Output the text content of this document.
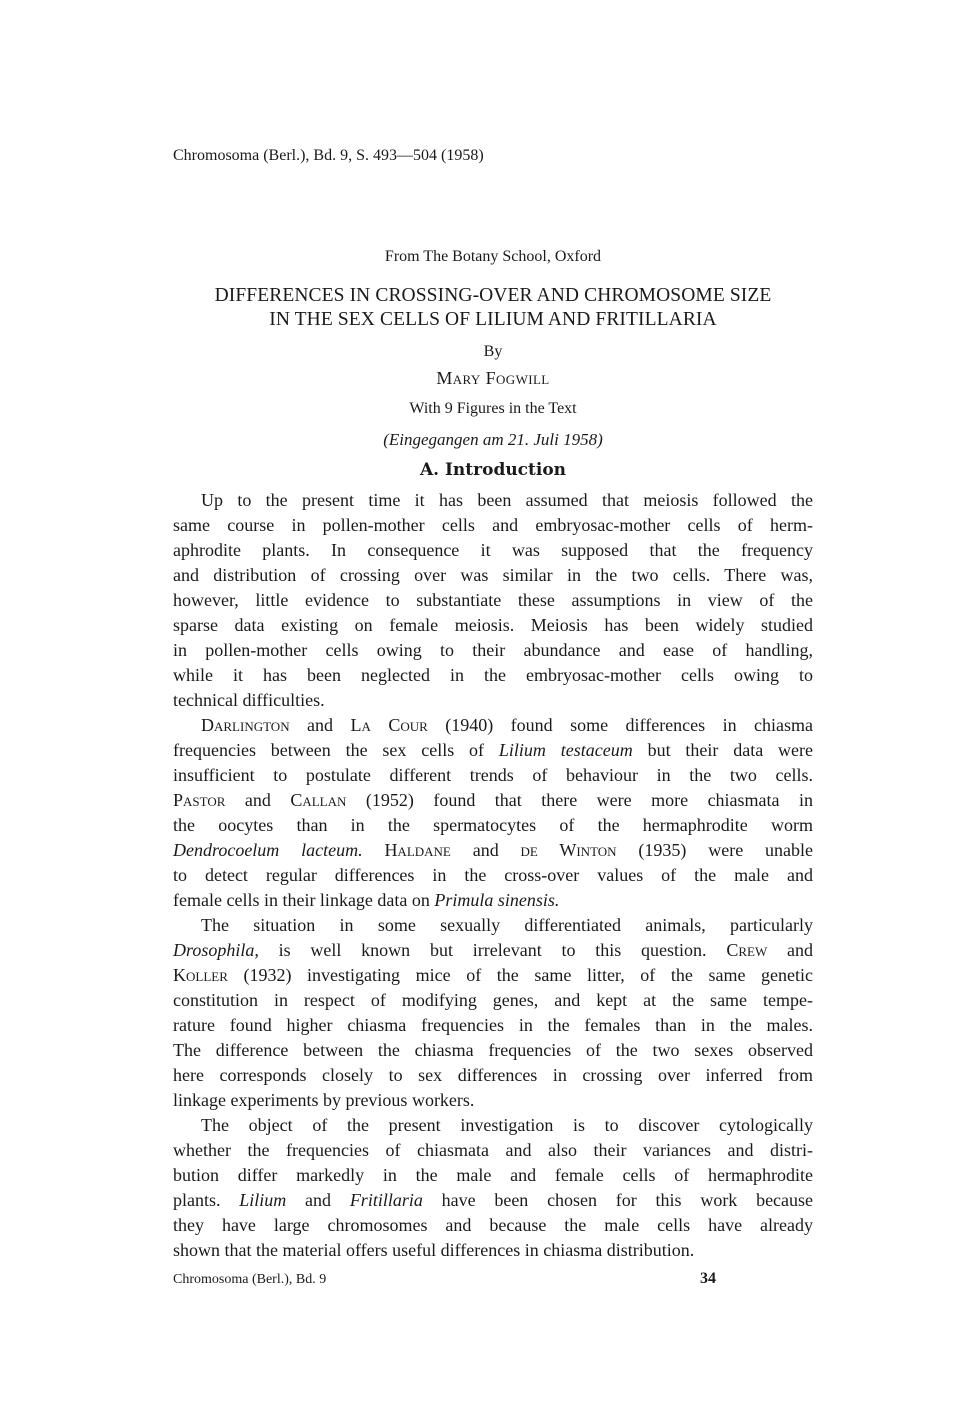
Chromosoma (Berl.), Bd. 9, S. 493—504 (1958)
From The Botany School, Oxford
DIFFERENCES IN CROSSING-OVER AND CHROMOSOME SIZE
IN THE SEX CELLS OF LILIUM AND FRITILLARIA
By
Mary Fogwill
With 9 Figures in the Text
(Eingegangen am 21. Juli 1958)
A. Introduction
Up to the present time it has been assumed that meiosis followed the
same course in pollen-mother cells and embryosac-mother cells of herm-
aphrodite plants. In consequence it was supposed that the frequency
and distribution of crossing over was similar in the two cells. There was,
however, little evidence to substantiate these assumptions in view of the
sparse data existing on female meiosis. Meiosis has been widely studied
in pollen-mother cells owing to their abundance and ease of handling,
while it has been neglected in the embryosac-mother cells owing to
technical difficulties.
Darlington and La Cour (1940) found some differences in chiasma
frequencies between the sex cells of Lilium testaceum but their data were
insufficient to postulate different trends of behaviour in the two cells.
Pastor and Callan (1952) found that there were more chiasmata in
the oocytes than in the spermatocytes of the hermaphrodite worm
Dendrocoelum lacteum. Haldane and de Winton (1935) were unable
to detect regular differences in the cross-over values of the male and
female cells in their linkage data on Primula sinensis.
The situation in some sexually differentiated animals, particularly
Drosophila, is well known but irrelevant to this question. Crew and
Koller (1932) investigating mice of the same litter, of the same genetic
constitution in respect of modifying genes, and kept at the same tempe-
rature found higher chiasma frequencies in the females than in the males.
The difference between the chiasma frequencies of the two sexes observed
here corresponds closely to sex differences in crossing over inferred from
linkage experiments by previous workers.
The object of the present investigation is to discover cytologically
whether the frequencies of chiasmata and also their variances and distri-
bution differ markedly in the male and female cells of hermaphrodite
plants. Lilium and Fritillaria have been chosen for this work because
they have large chromosomes and because the male cells have already
shown that the material offers useful differences in chiasma distribution.
Chromosoma (Berl.), Bd. 9	34
